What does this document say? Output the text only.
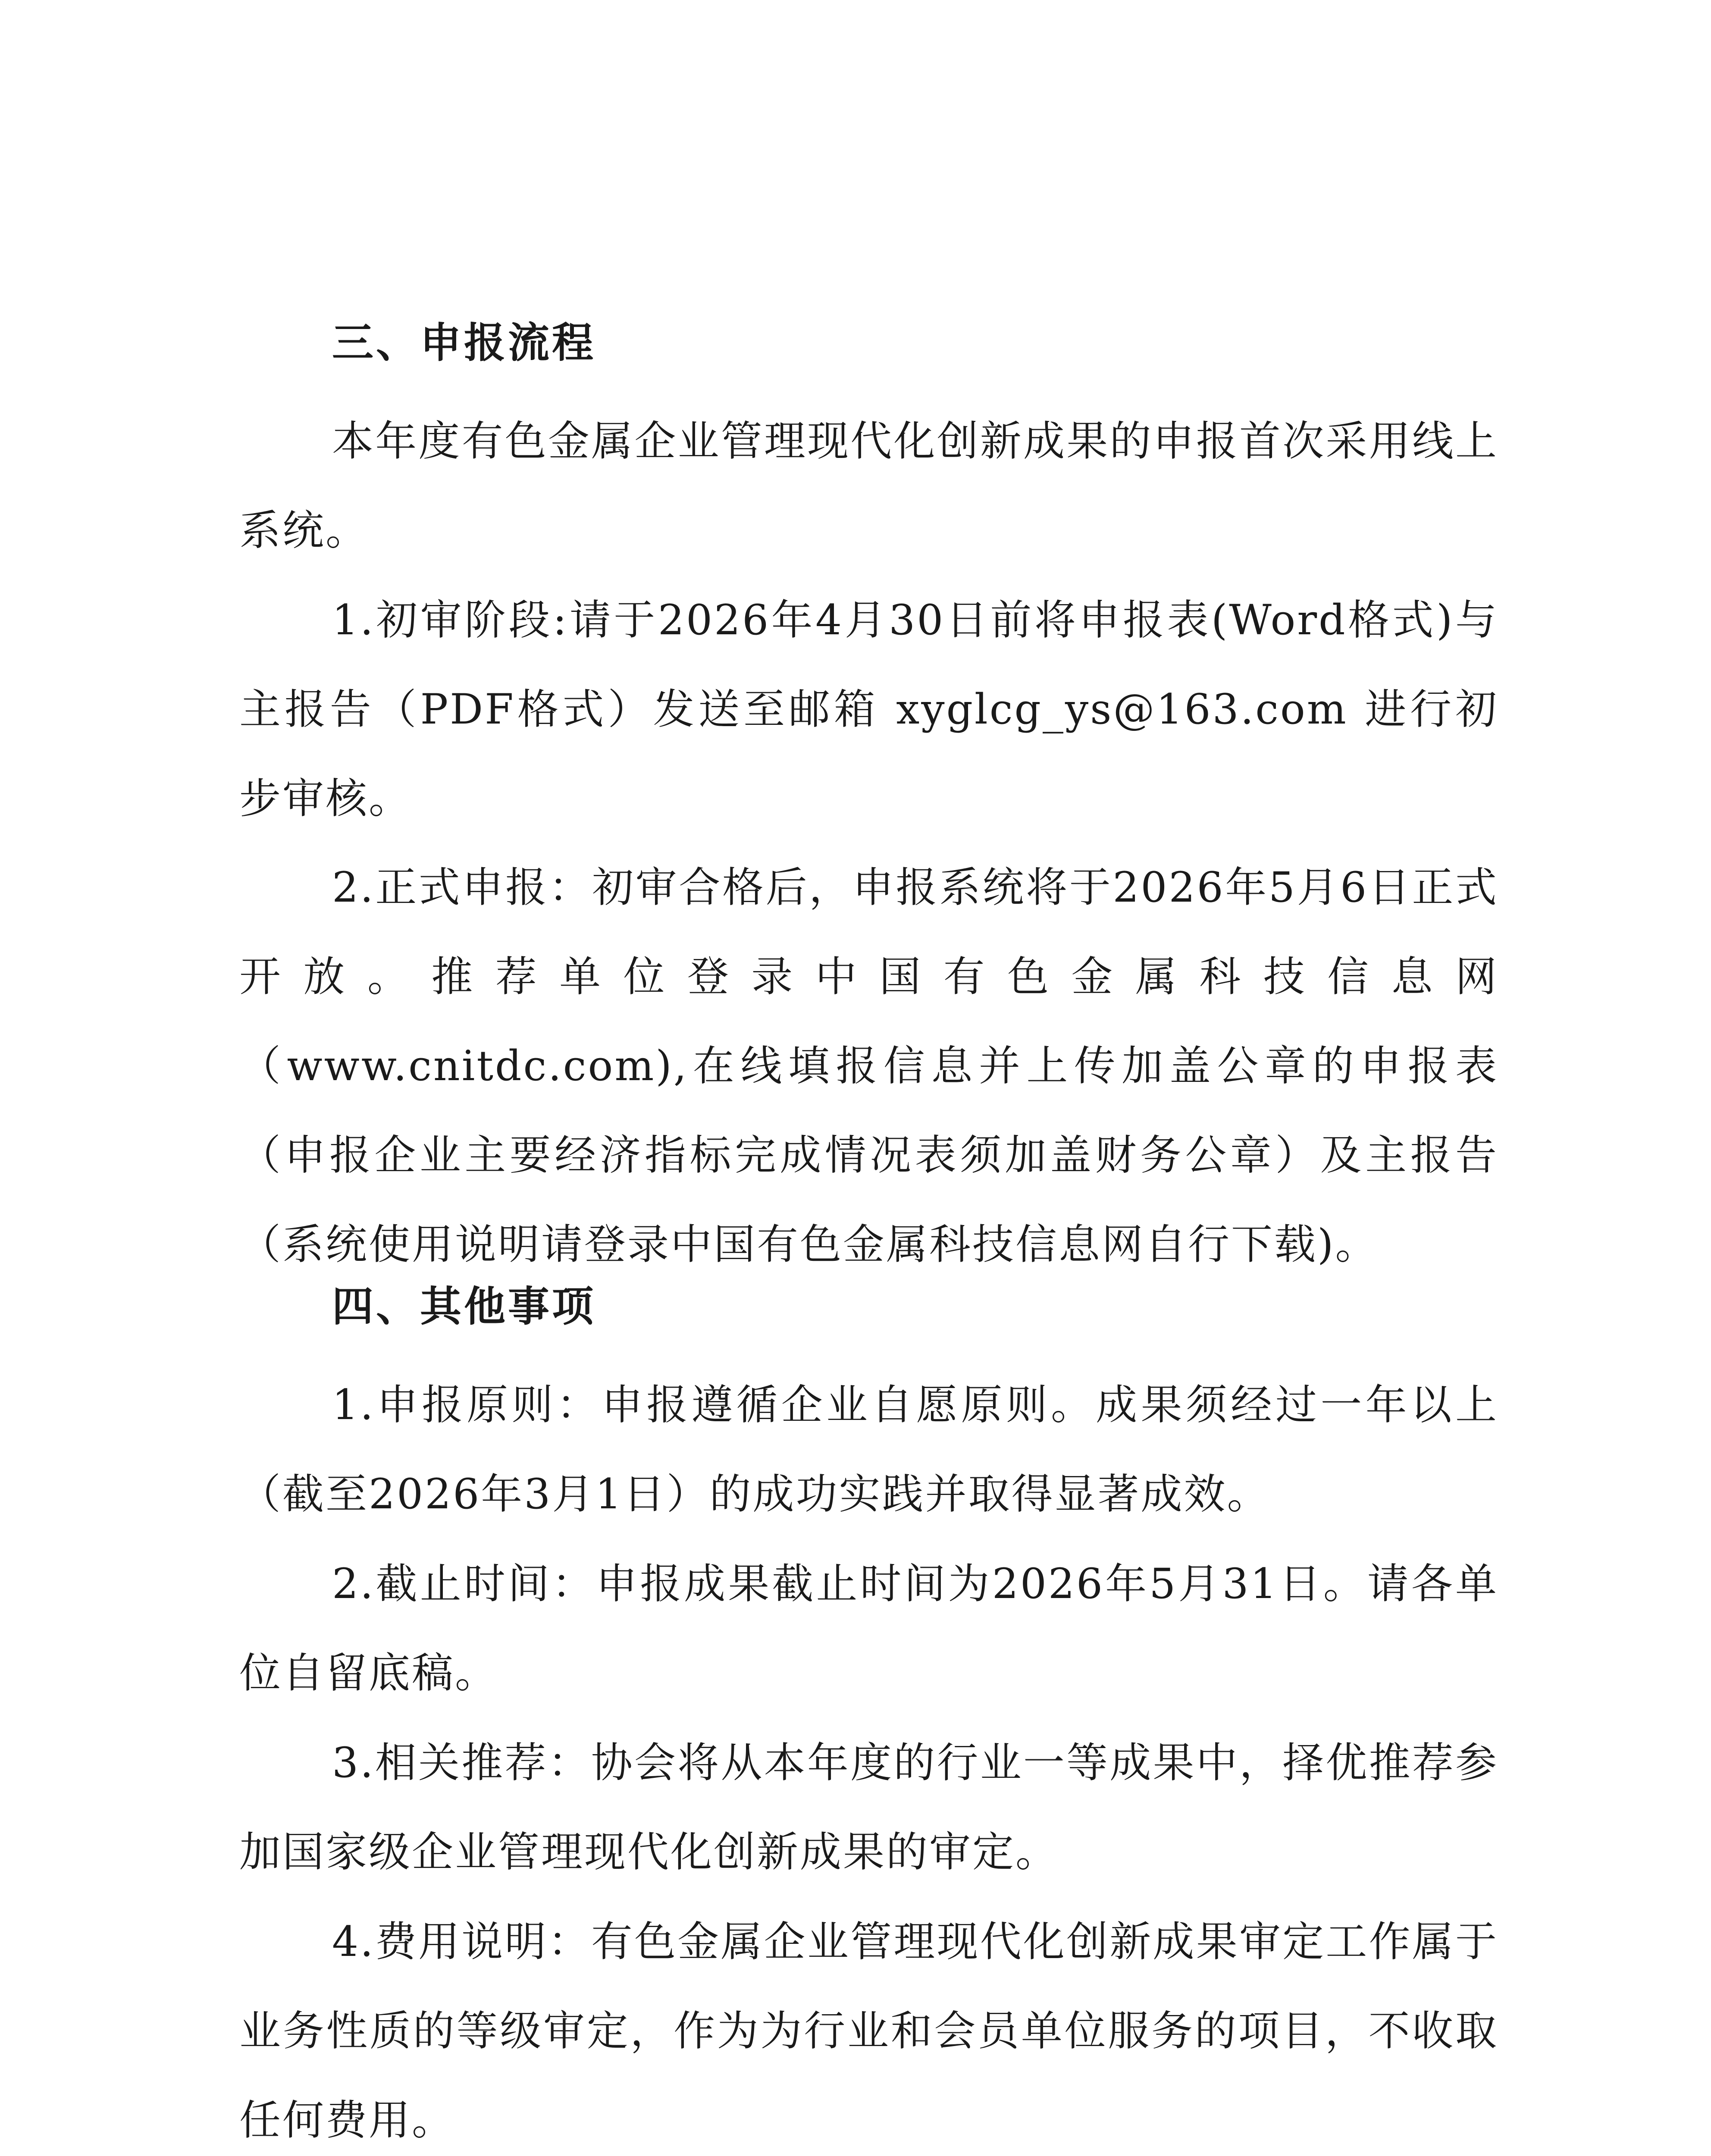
三、申报流程

本年度有色金属企业管理现代化创新成果的申报首次采用线上系统。

1.初审阶段:请于2026年4月30日前将申报表(Word格式)与主报告（PDF格式）发送至邮箱 xyglcg_ys@163.com 进行初步审核。

2.正式申报：初审合格后，申报系统将于2026年5月6日正式开放。推荐单位登录中国有色金属科技信息网（www.cnitdc.com),在线填报信息并上传加盖公章的申报表（申报企业主要经济指标完成情况表须加盖财务公章）及主报告（系统使用说明请登录中国有色金属科技信息网自行下载)。

四、其他事项

1.申报原则：申报遵循企业自愿原则。成果须经过一年以上（截至2026年3月1日）的成功实践并取得显著成效。

2.截止时间：申报成果截止时间为2026年5月31日。请各单位自留底稿。

3.相关推荐：协会将从本年度的行业一等成果中，择优推荐参加国家级企业管理现代化创新成果的审定。

4.费用说明：有色金属企业管理现代化创新成果审定工作属于业务性质的等级审定，作为为行业和会员单位服务的项目，不收取任何费用。
